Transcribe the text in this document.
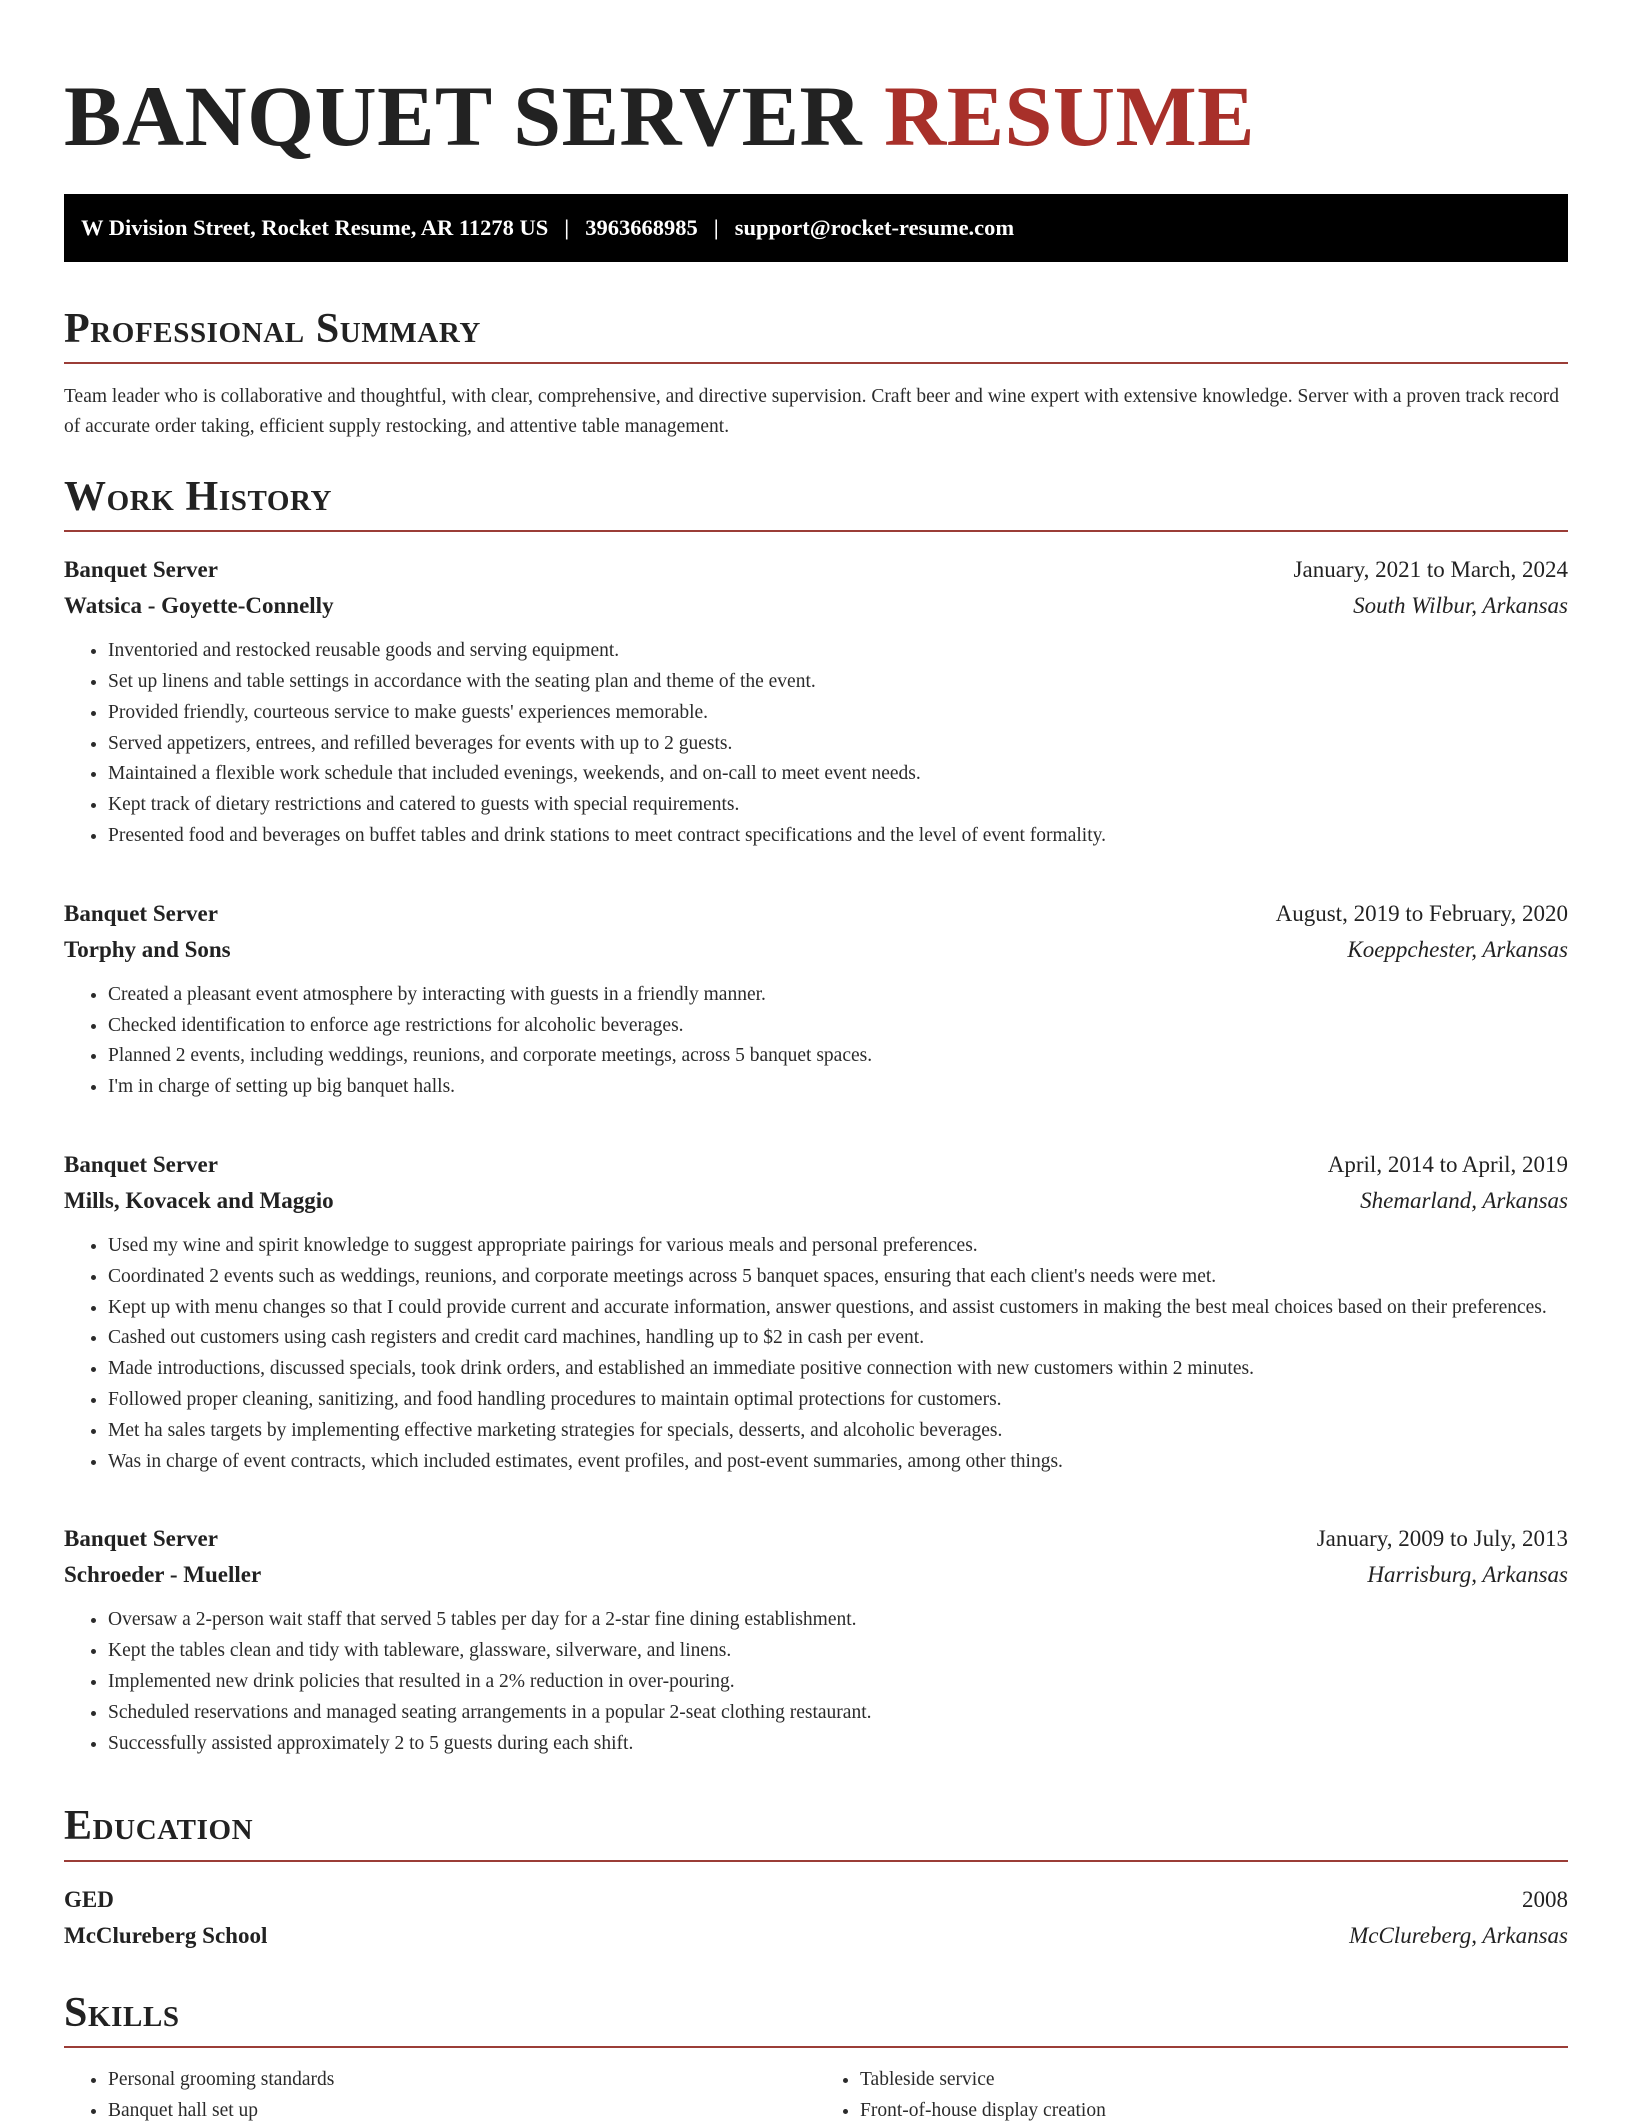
BANQUET SERVER RESUME
W Division Street, Rocket Resume, AR 11278 US | 3963668985 | support@rocket-resume.com
Professional Summary

Team leader who is collaborative and thoughtful, with clear, comprehensive, and directive supervision. Craft beer and wine expert with extensive knowledge. Server with a proven track record of accurate order taking, efficient supply restocking, and attentive table management.

Work History
Banquet Server	January, 2021 to March, 2024
Watsica - Goyette-Connelly	South Wilbur, Arkansas
• Inventoried and restocked reusable goods and serving equipment.
• Set up linens and table settings in accordance with the seating plan and theme of the event.
• Provided friendly, courteous service to make guests' experiences memorable.
• Served appetizers, entrees, and refilled beverages for events with up to 2 guests.
• Maintained a flexible work schedule that included evenings, weekends, and on-call to meet event needs.
• Kept track of dietary restrictions and catered to guests with special requirements.
• Presented food and beverages on buffet tables and drink stations to meet contract specifications and the level of event formality.
Banquet Server	August, 2019 to February, 2020
Torphy and Sons	Koeppchester, Arkansas
• Created a pleasant event atmosphere by interacting with guests in a friendly manner.
• Checked identification to enforce age restrictions for alcoholic beverages.
• Planned 2 events, including weddings, reunions, and corporate meetings, across 5 banquet spaces.
• I'm in charge of setting up big banquet halls.
Banquet Server	April, 2014 to April, 2019
Mills, Kovacek and Maggio	Shemarland, Arkansas
• Used my wine and spirit knowledge to suggest appropriate pairings for various meals and personal preferences.
• Coordinated 2 events such as weddings, reunions, and corporate meetings across 5 banquet spaces, ensuring that each client's needs were met.
• Kept up with menu changes so that I could provide current and accurate information, answer questions, and assist customers in making the best meal choices based on their preferences.
• Cashed out customers using cash registers and credit card machines, handling up to $2 in cash per event.
• Made introductions, discussed specials, took drink orders, and established an immediate positive connection with new customers within 2 minutes.
• Followed proper cleaning, sanitizing, and food handling procedures to maintain optimal protections for customers.
• Met ha sales targets by implementing effective marketing strategies for specials, desserts, and alcoholic beverages.
• Was in charge of event contracts, which included estimates, event profiles, and post-event summaries, among other things.
Banquet Server	January, 2009 to July, 2013
Schroeder - Mueller	Harrisburg, Arkansas
• Oversaw a 2-person wait staff that served 5 tables per day for a 2-star fine dining establishment.
• Kept the tables clean and tidy with tableware, glassware, silverware, and linens.
• Implemented new drink policies that resulted in a 2% reduction in over-pouring.
• Scheduled reservations and managed seating arrangements in a popular 2-seat clothing restaurant.
• Successfully assisted approximately 2 to 5 guests during each shift.
Education
GED	2008
McClureberg School	McClureberg, Arkansas
Skills
• Personal grooming standards
• Banquet hall set up
• Tableside service
• Front-of-house display creation
